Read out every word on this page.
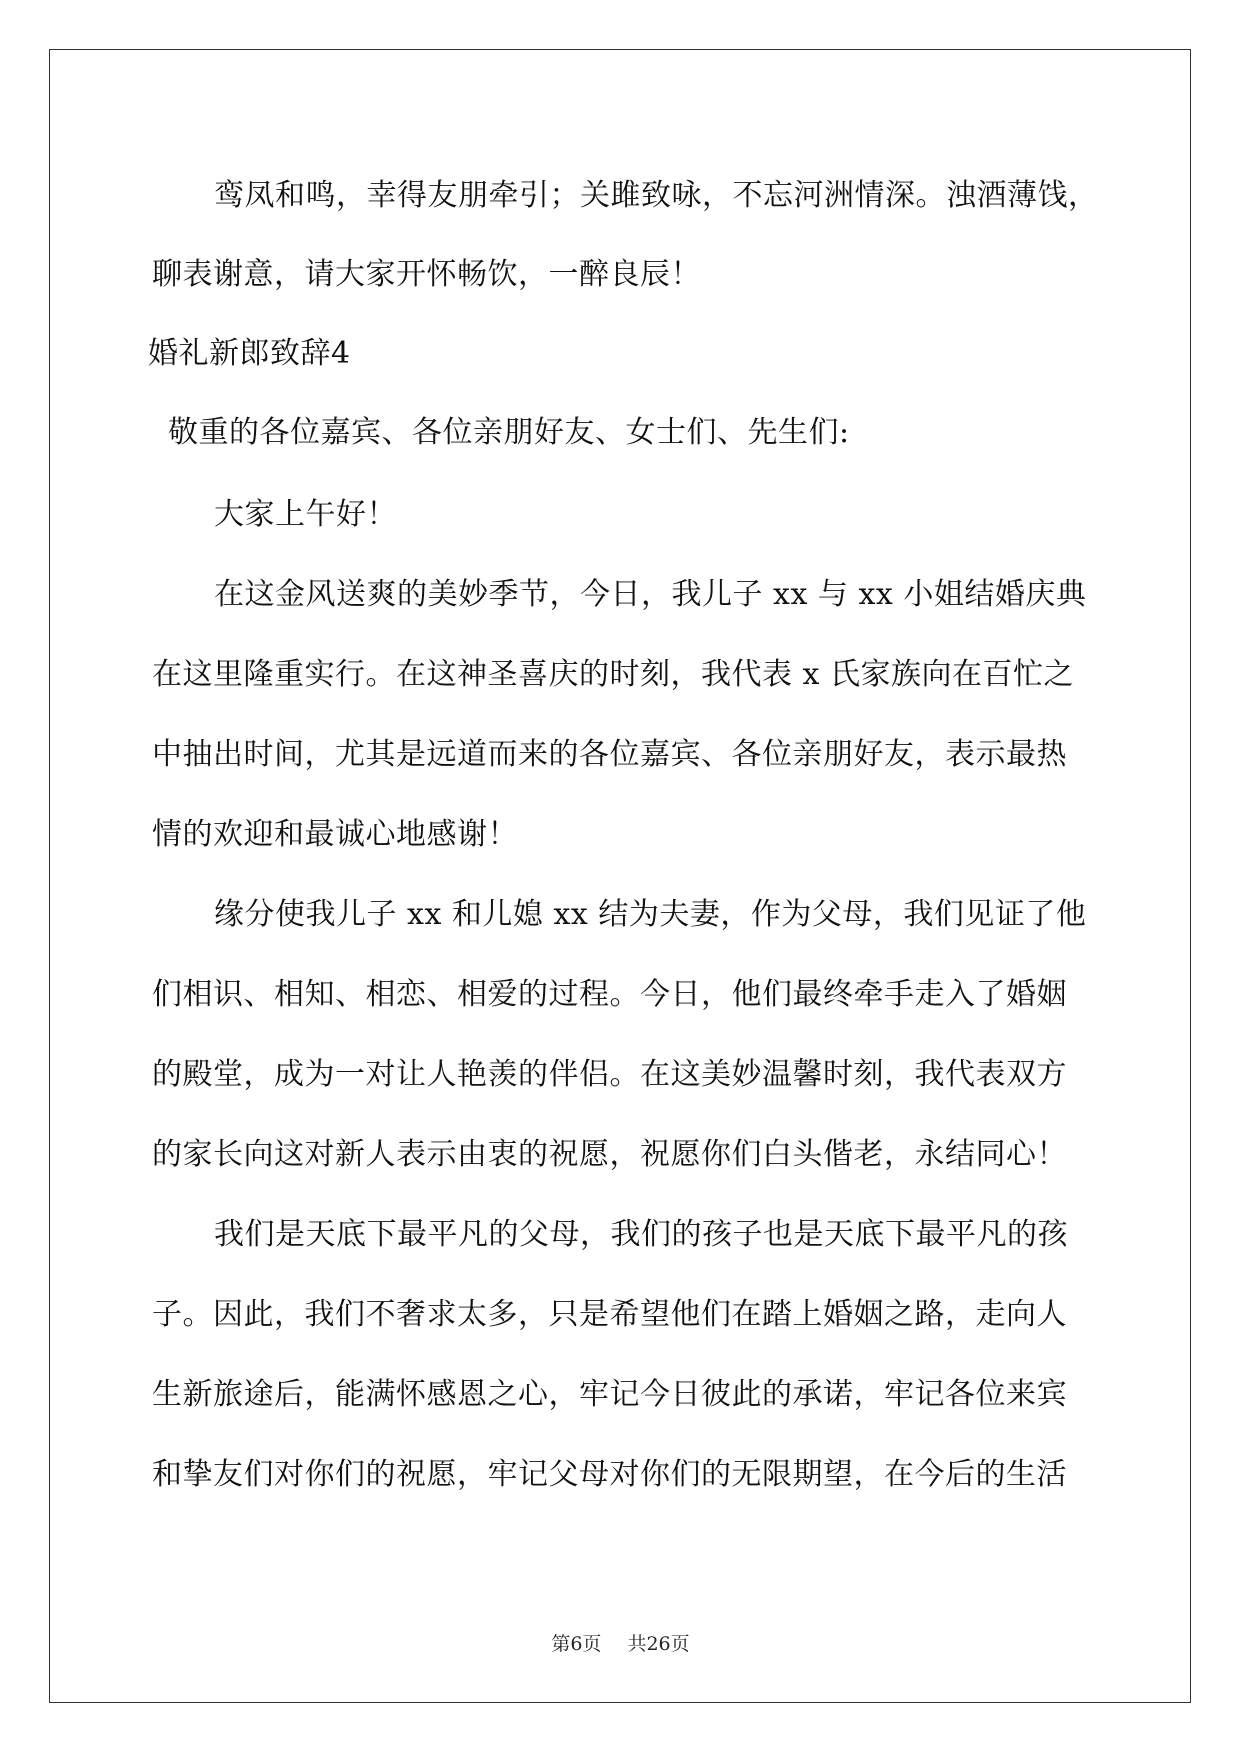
鸾凤和鸣，幸得友朋牵引；关雎致咏，不忘河洲情深。浊酒薄饯，
聊表谢意，请大家开怀畅饮，一醉良辰！
婚礼新郎致辞4
敬重的各位嘉宾、各位亲朋好友、女士们、先生们:
大家上午好！
在这金风送爽的美妙季节，今日，我儿子 xx 与 xx 小姐结婚庆典
在这里隆重实行。在这神圣喜庆的时刻，我代表 x 氏家族向在百忙之
中抽出时间，尤其是远道而来的各位嘉宾、各位亲朋好友，表示最热
情的欢迎和最诚心地感谢！
缘分使我儿子 xx 和儿媳 xx 结为夫妻，作为父母，我们见证了他
们相识、相知、相恋、相爱的过程。今日，他们最终牵手走入了婚姻
的殿堂，成为一对让人艳羡的伴侣。在这美妙温馨时刻，我代表双方
的家长向这对新人表示由衷的祝愿，祝愿你们白头偕老，永结同心！
我们是天底下最平凡的父母，我们的孩子也是天底下最平凡的孩
子。因此，我们不奢求太多，只是希望他们在踏上婚姻之路，走向人
生新旅途后，能满怀感恩之心，牢记今日彼此的承诺，牢记各位来宾
和挚友们对你们的祝愿，牢记父母对你们的无限期望，在今后的生活
第6页 共26页
